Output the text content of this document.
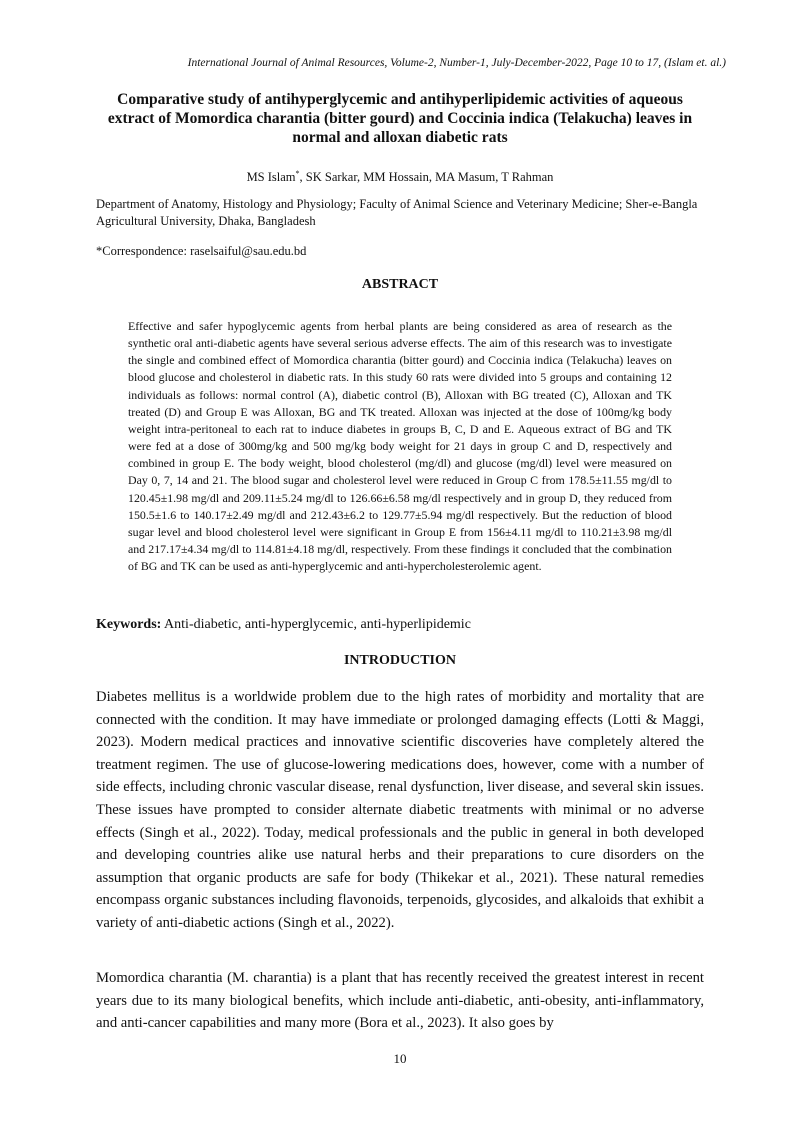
International Journal of Animal Resources, Volume-2, Number-1, July-December-2022, Page 10 to 17, (Islam et. al.)
Comparative study of antihyperglycemic and antihyperlipidemic activities of aqueous extract of Momordica charantia (bitter gourd) and Coccinia indica (Telakucha) leaves in normal and alloxan diabetic rats
MS Islam*, SK Sarkar, MM Hossain, MA Masum, T Rahman
Department of Anatomy, Histology and Physiology; Faculty of Animal Science and Veterinary Medicine; Sher-e-Bangla Agricultural University, Dhaka, Bangladesh
*Correspondence: raselsaiful@sau.edu.bd
ABSTRACT

Effective and safer hypoglycemic agents from herbal plants are being considered as area of research as the synthetic oral anti-diabetic agents have several serious adverse effects. The aim of this research was to investigate the single and combined effect of Momordica charantia (bitter gourd) and Coccinia indica (Telakucha) leaves on blood glucose and cholesterol in diabetic rats. In this study 60 rats were divided into 5 groups and containing 12 individuals as follows: normal control (A), diabetic control (B), Alloxan with BG treated (C), Alloxan and TK treated (D) and Group E was Alloxan, BG and TK treated. Alloxan was injected at the dose of 100mg/kg body weight intra-peritoneal to each rat to induce diabetes in groups B, C, D and E. Aqueous extract of BG and TK were fed at a dose of 300mg/kg and 500 mg/kg body weight for 21 days in group C and D, respectively and combined in group E. The body weight, blood cholesterol (mg/dl) and glucose (mg/dl) level were measured on Day 0, 7, 14 and 21. The blood sugar and cholesterol level were reduced in Group C from 178.5±11.55 mg/dl to 120.45±1.98 mg/dl and 209.11±5.24 mg/dl to 126.66±6.58 mg/dl respectively and in group D, they reduced from 150.5±1.6 to 140.17±2.49 mg/dl and 212.43±6.2 to 129.77±5.94 mg/dl respectively. But the reduction of blood sugar level and blood cholesterol level were significant in Group E from 156±4.11 mg/dl to 110.21±3.98 mg/dl and 217.17±4.34 mg/dl to 114.81±4.18 mg/dl, respectively. From these findings it concluded that the combination of BG and TK can be used as anti-hyperglycemic and anti-hypercholesterolemic agent.

Keywords: Anti-diabetic, anti-hyperglycemic, anti-hyperlipidemic
INTRODUCTION

Diabetes mellitus is a worldwide problem due to the high rates of morbidity and mortality that are connected with the condition. It may have immediate or prolonged damaging effects (Lotti & Maggi, 2023). Modern medical practices and innovative scientific discoveries have completely altered the treatment regimen. The use of glucose-lowering medications does, however, come with a number of side effects, including chronic vascular disease, renal dysfunction, liver disease, and several skin issues. These issues have prompted to consider alternate diabetic treatments with minimal or no adverse effects (Singh et al., 2022). Today, medical professionals and the public in general in both developed and developing countries alike use natural herbs and their preparations to cure disorders on the assumption that organic products are safe for body (Thikekar et al., 2021). These natural remedies encompass organic substances including flavonoids, terpenoids, glycosides, and alkaloids that exhibit a variety of anti-diabetic actions (Singh et al., 2022).

Momordica charantia (M. charantia) is a plant that has recently received the greatest interest in recent years due to its many biological benefits, which include anti-diabetic, anti-obesity, anti-inflammatory, and anti-cancer capabilities and many more (Bora et al., 2023). It also goes by

10
